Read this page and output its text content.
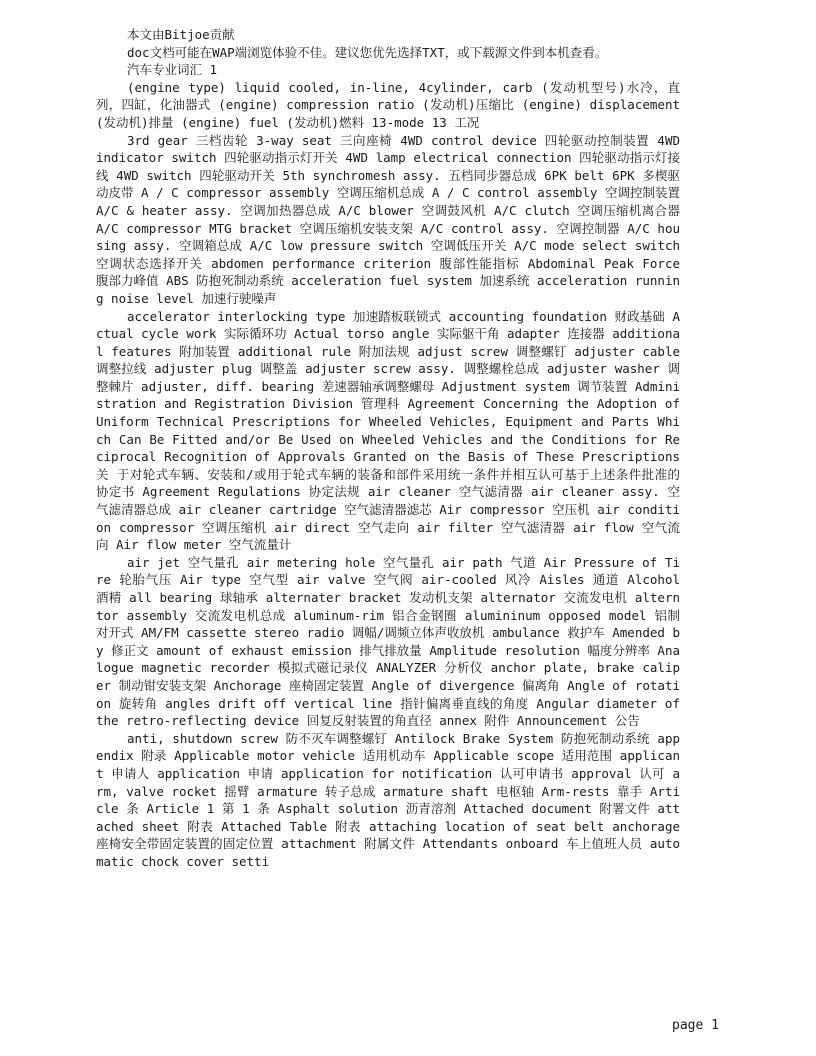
本文由Bitjoe贡献

doc文档可能在WAP端浏览体验不佳。建议您优先选择TXT，或下载源文件到本机查看。

汽车专业词汇 1

(engine type) liquid cooled, in-line, 4cylinder, carb (发动机型号)水冷，直列，四缸，化油器式 (engine) compression ratio (发动机)压缩比 (engine) displacement (发动机)排量 (engine) fuel (发动机)燃料 13-mode 13 工况

3rd gear 三档齿轮 3-way seat 三向座椅 4WD control device 四轮驱动控制装置 4WD indicator switch 四轮驱动指示灯开关 4WD lamp electrical connection 四轮驱动指示灯接线 4WD switch 四轮驱动开关 5th synchromesh assy. 五档同步器总成 6PK belt 6PK 多楔驱动皮带 A / C compressor assembly 空调压缩机总成 A / C control assembly 空调控制装置 A/C & heater assy. 空调加热器总成 A/C blower 空调鼓风机 A/C clutch 空调压缩机离合器 A/C compressor MTG bracket 空调压缩机安装支架 A/C control assy. 空调控制器 A/C housing assy. 空调箱总成 A/C low pressure switch 空调低压开关 A/C mode select switch 空调状态选择开关 abdomen performance criterion 腹部性能指标 Abdominal Peak Force 腹部力峰值 ABS 防抱死制动系统 acceleration fuel system 加速系统 acceleration running noise level 加速行驶噪声

accelerator interlocking type 加速踏板联锁式 accounting foundation 财政基础 Actual cycle work 实际循环功 Actual torso angle 实际躯干角 adapter 连接器 additional features 附加装置 additional rule 附加法规 adjust screw 调整螺钉 adjuster cable 调整拉线 adjuster plug 调整盖 adjuster screw assy. 调整螺栓总成 adjuster washer 调整棘片 adjuster, diff. bearing 差速器轴承调整螺母 Adjustment system 调节装置 Administration and Registration Division 管理科 Agreement Concerning the Adoption of Uniform Technical Prescriptions for Wheeled Vehicles, Equipment and Parts Which Can Be Fitted and/or Be Used on Wheeled Vehicles and the Conditions for Reciprocal Recognition of Approvals Granted on the Basis of These Prescriptions 关 于对轮式车辆、安装和/或用于轮式车辆的装备和部件采用统一条件并相互认可基于上述条件批准的 协定书 Agreement Regulations 协定法规 air cleaner 空气滤清器 air cleaner assy. 空气滤清器总成 air cleaner cartridge 空气滤清器滤芯 Air compressor 空压机 air condition compressor 空调压缩机 air direct 空气走向 air filter 空气滤清器 air flow 空气流向 Air flow meter 空气流量计

air jet 空气量孔 air metering hole 空气量孔 air path 气道 Air Pressure of Tire 轮胎气压 Air type 空气型 air valve 空气阀 air-cooled 风冷 Aisles 通道 Alcohol 酒精 all bearing 球轴承 alternater bracket 发动机支架 alternator 交流发电机 alterntor assembly 交流发电机总成 aluminum-rim 铝合金钢圈 alumininum opposed model 铝制对开式 AM/FM cassette stereo radio 调幅/调频立体声收放机 ambulance 救护车 Amended by 修正文 amount of exhaust emission 排气排放量 Amplitude resolution 幅度分辨率 Analogue magnetic recorder 模拟式磁记录仪 ANALYZER 分析仪 anchor plate, brake caliper 制动钳安装支架 Anchorage 座椅固定装置 Angle of divergence 偏离角 Angle of rotation 旋转角 angles drift off vertical line 指针偏离垂直线的角度 Angular diameter of the retro-reflecting device 回复反射装置的角直径 annex 附件 Announcement 公告

anti, shutdown screw 防不灭车调整螺钉 Antilock Brake System 防抱死制动系统 appendix 附录 Applicable motor vehicle 适用机动车 Applicable scope 适用范围 applicant 申请人 application 申请 application for notification 认可申请书 approval 认可 arm, valve rocket 摇臂 armature 转子总成 armature shaft 电枢轴 Arm-rests 靠手 Article 条 Article 1 第 1 条 Asphalt solution 沥青溶剂 Attached document 附署文件 attached sheet 附表 Attached Table 附表 attaching location of seat belt anchorage 座椅安全带固定装置的固定位置 attachment 附属文件 Attendants onboard 车上值班人员 automatic chock cover setti

page 1
